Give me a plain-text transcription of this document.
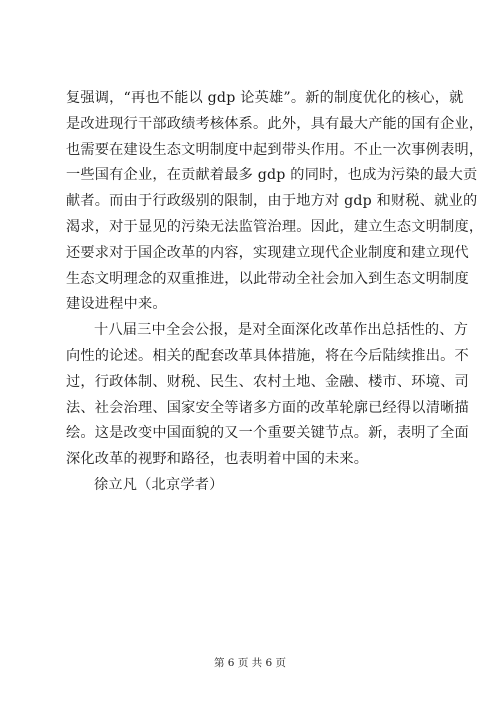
复强调，“再也不能以 gdp 论英雄”。新的制度优化的核心，就
是改进现行干部政绩考核体系。此外，具有最大产能的国有企业，
也需要在建设生态文明制度中起到带头作用。不止一次事例表明，
一些国有企业，在贡献着最多 gdp 的同时，也成为污染的最大贡
献者。而由于行政级别的限制，由于地方对 gdp 和财税、就业的
渴求，对于显见的污染无法监管治理。因此，建立生态文明制度，
还要求对于国企改革的内容，实现建立现代企业制度和建立现代
生态文明理念的双重推进，以此带动全社会加入到生态文明制度
建设进程中来。
十八届三中全会公报，是对全面深化改革作出总括性的、方
向性的论述。相关的配套改革具体措施，将在今后陆续推出。不
过，行政体制、财税、民生、农村土地、金融、楼市、环境、司
法、社会治理、国家安全等诸多方面的改革轮廓已经得以清晰描
绘。这是改变中国面貌的又一个重要关键节点。新，表明了全面
深化改革的视野和路径，也表明着中国的未来。
徐立凡（北京学者）
第 6 页 共 6 页
